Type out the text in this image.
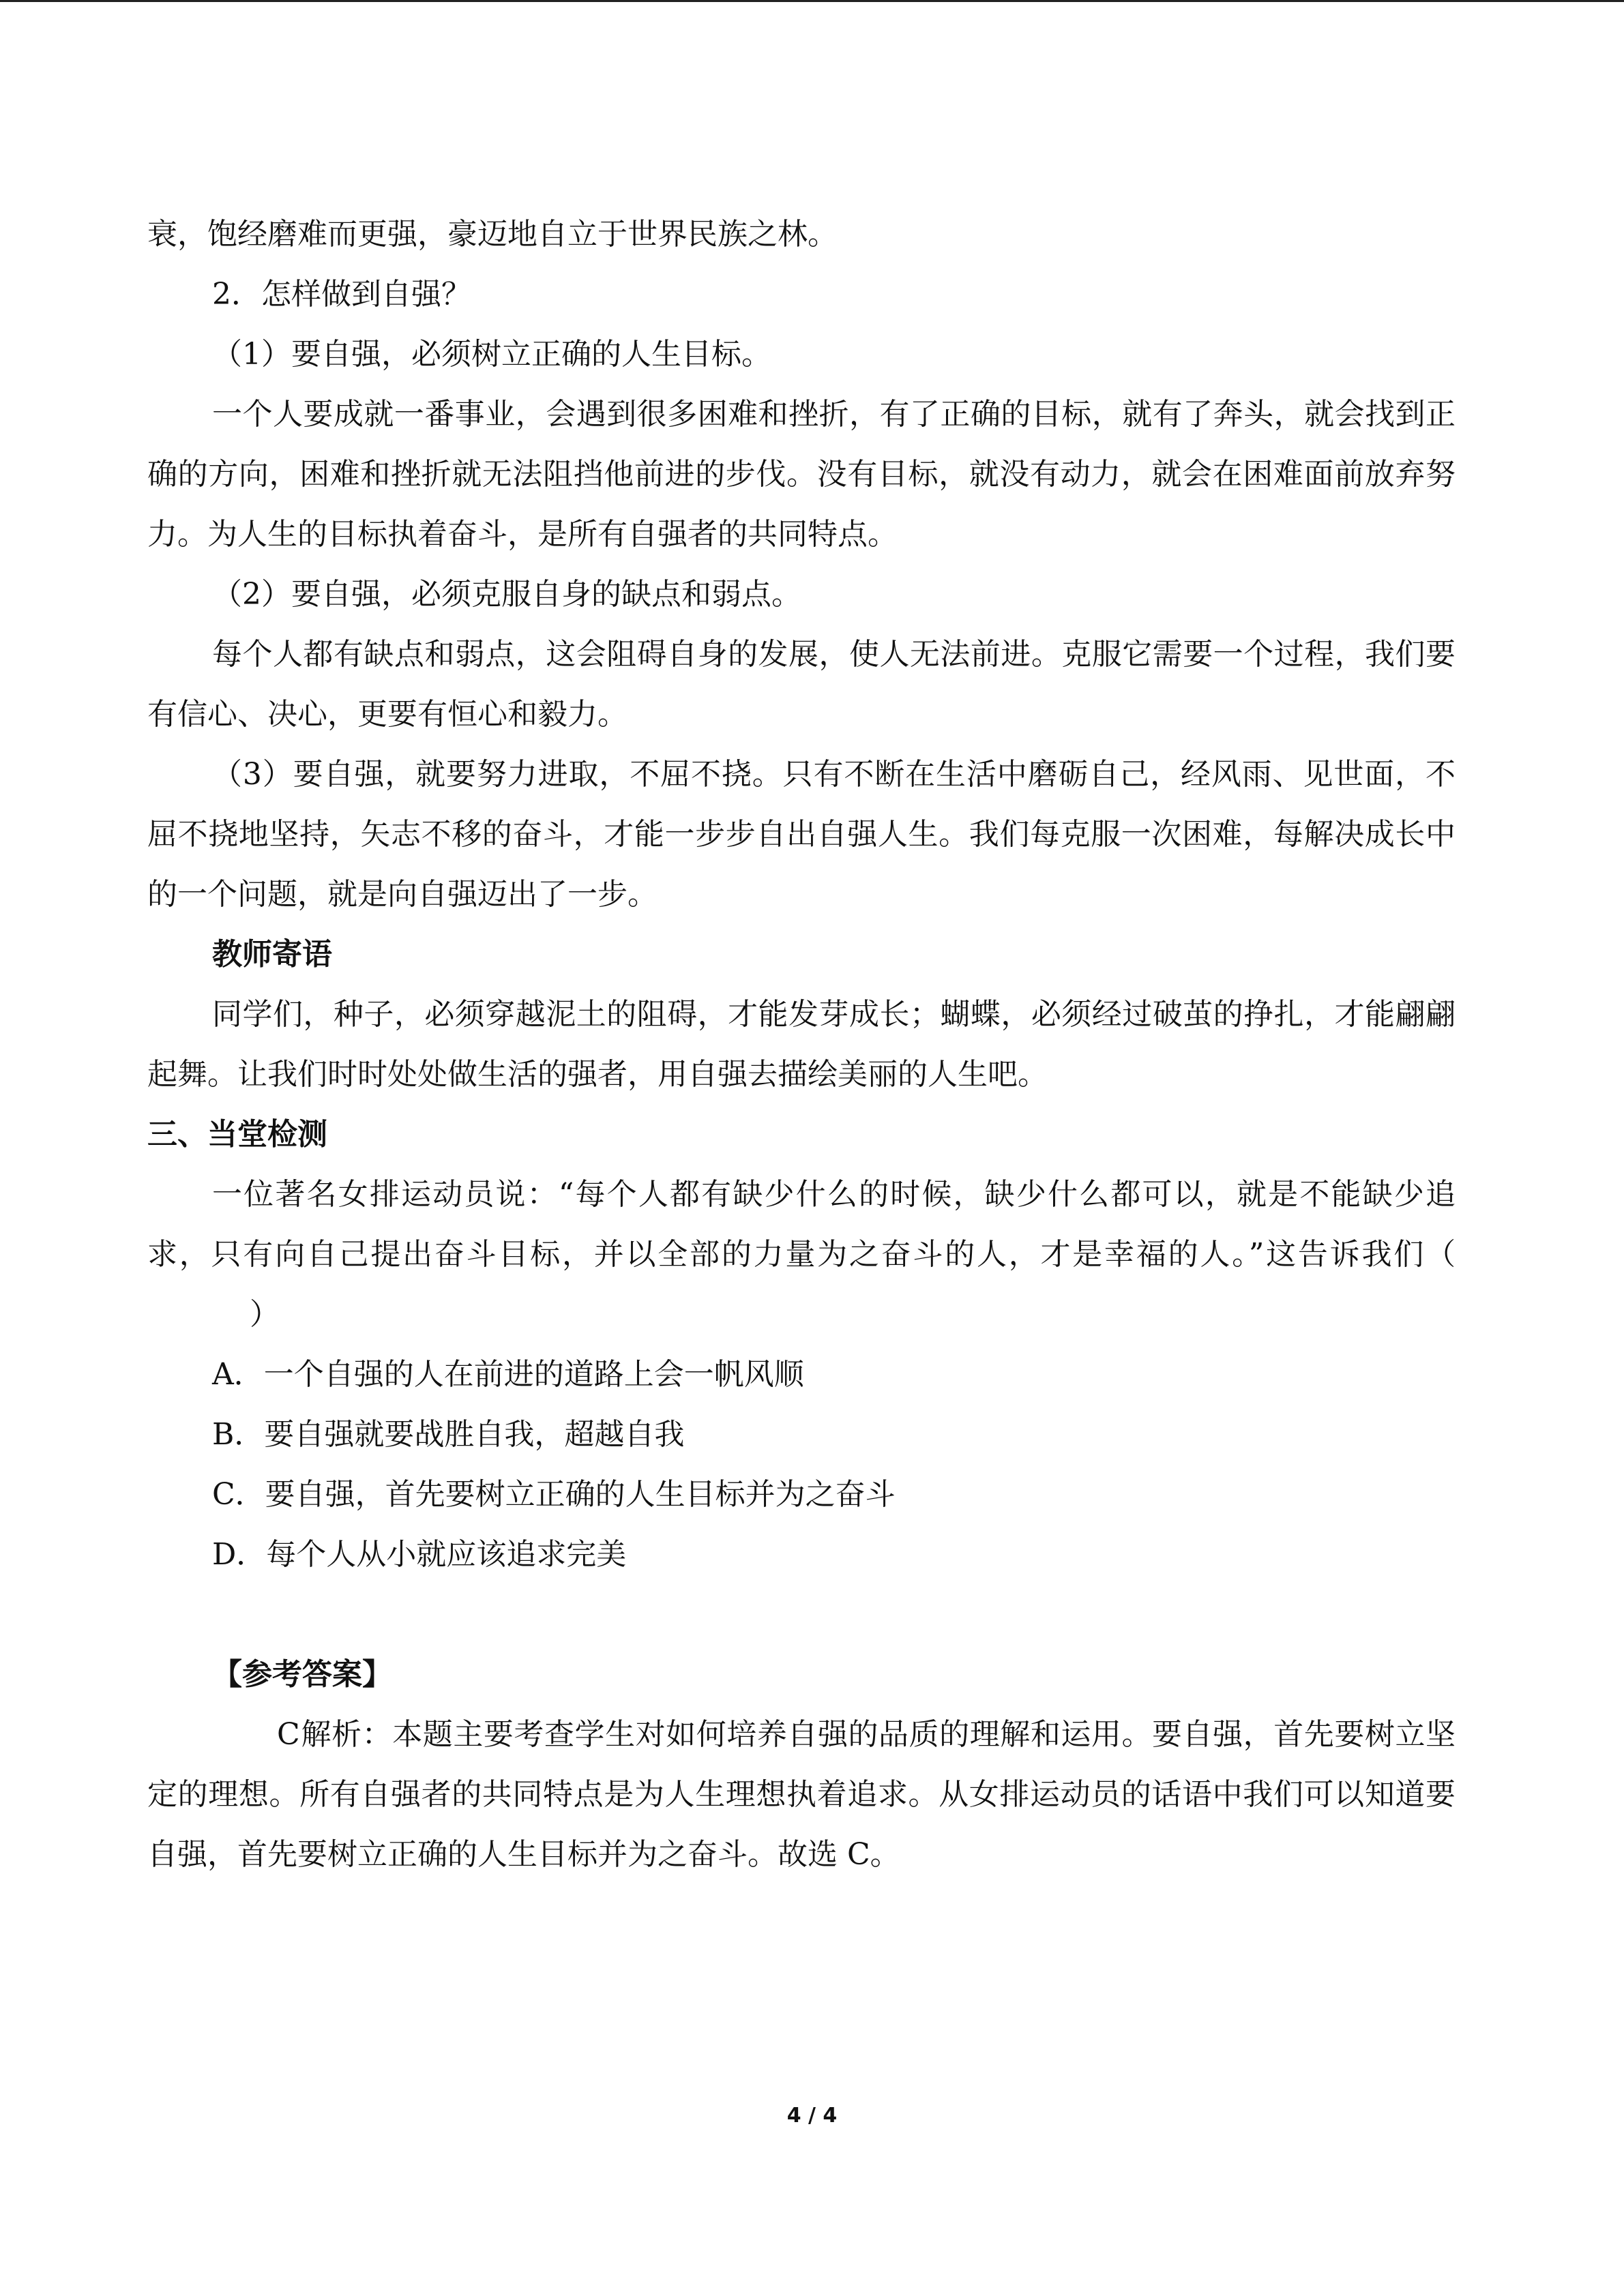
衰，饱经磨难而更强，豪迈地自立于世界民族之林。

2．怎样做到自强？

（1）要自强，必须树立正确的人生目标。

一个人要成就一番事业，会遇到很多困难和挫折，有了正确的目标，就有了奔头，就会找到正确的方向，困难和挫折就无法阻挡他前进的步伐。没有目标，就没有动力，就会在困难面前放弃努力。为人生的目标执着奋斗，是所有自强者的共同特点。

（2）要自强，必须克服自身的缺点和弱点。

每个人都有缺点和弱点，这会阻碍自身的发展，使人无法前进。克服它需要一个过程，我们要有信心、决心，更要有恒心和毅力。

（3）要自强，就要努力进取，不屈不挠。只有不断在生活中磨砺自己，经风雨、见世面，不屈不挠地坚持，矢志不移的奋斗，才能一步步自出自强人生。我们每克服一次困难，每解决成长中的一个问题，就是向自强迈出了一步。

教师寄语

同学们，种子，必须穿越泥土的阻碍，才能发芽成长；蝴蝶，必须经过破茧的挣扎，才能翩翩起舞。让我们时时处处做生活的强者，用自强去描绘美丽的人生吧。

三、当堂检测

一位著名女排运动员说：“每个人都有缺少什么的时候，缺少什么都可以，就是不能缺少追求，只有向自己提出奋斗目标，并以全部的力量为之奋斗的人，才是幸福的人。”这告诉我们（）

A．一个自强的人在前进的道路上会一帆风顺

B．要自强就要战胜自我，超越自我

C．要自强，首先要树立正确的人生目标并为之奋斗

D．每个人从小就应该追求完美

【参考答案】

C解析：本题主要考查学生对如何培养自强的品质的理解和运用。要自强，首先要树立坚定的理想。所有自强者的共同特点是为人生理想执着追求。从女排运动员的话语中我们可以知道要自强，首先要树立正确的人生目标并为之奋斗。故选 C。

4 / 4
